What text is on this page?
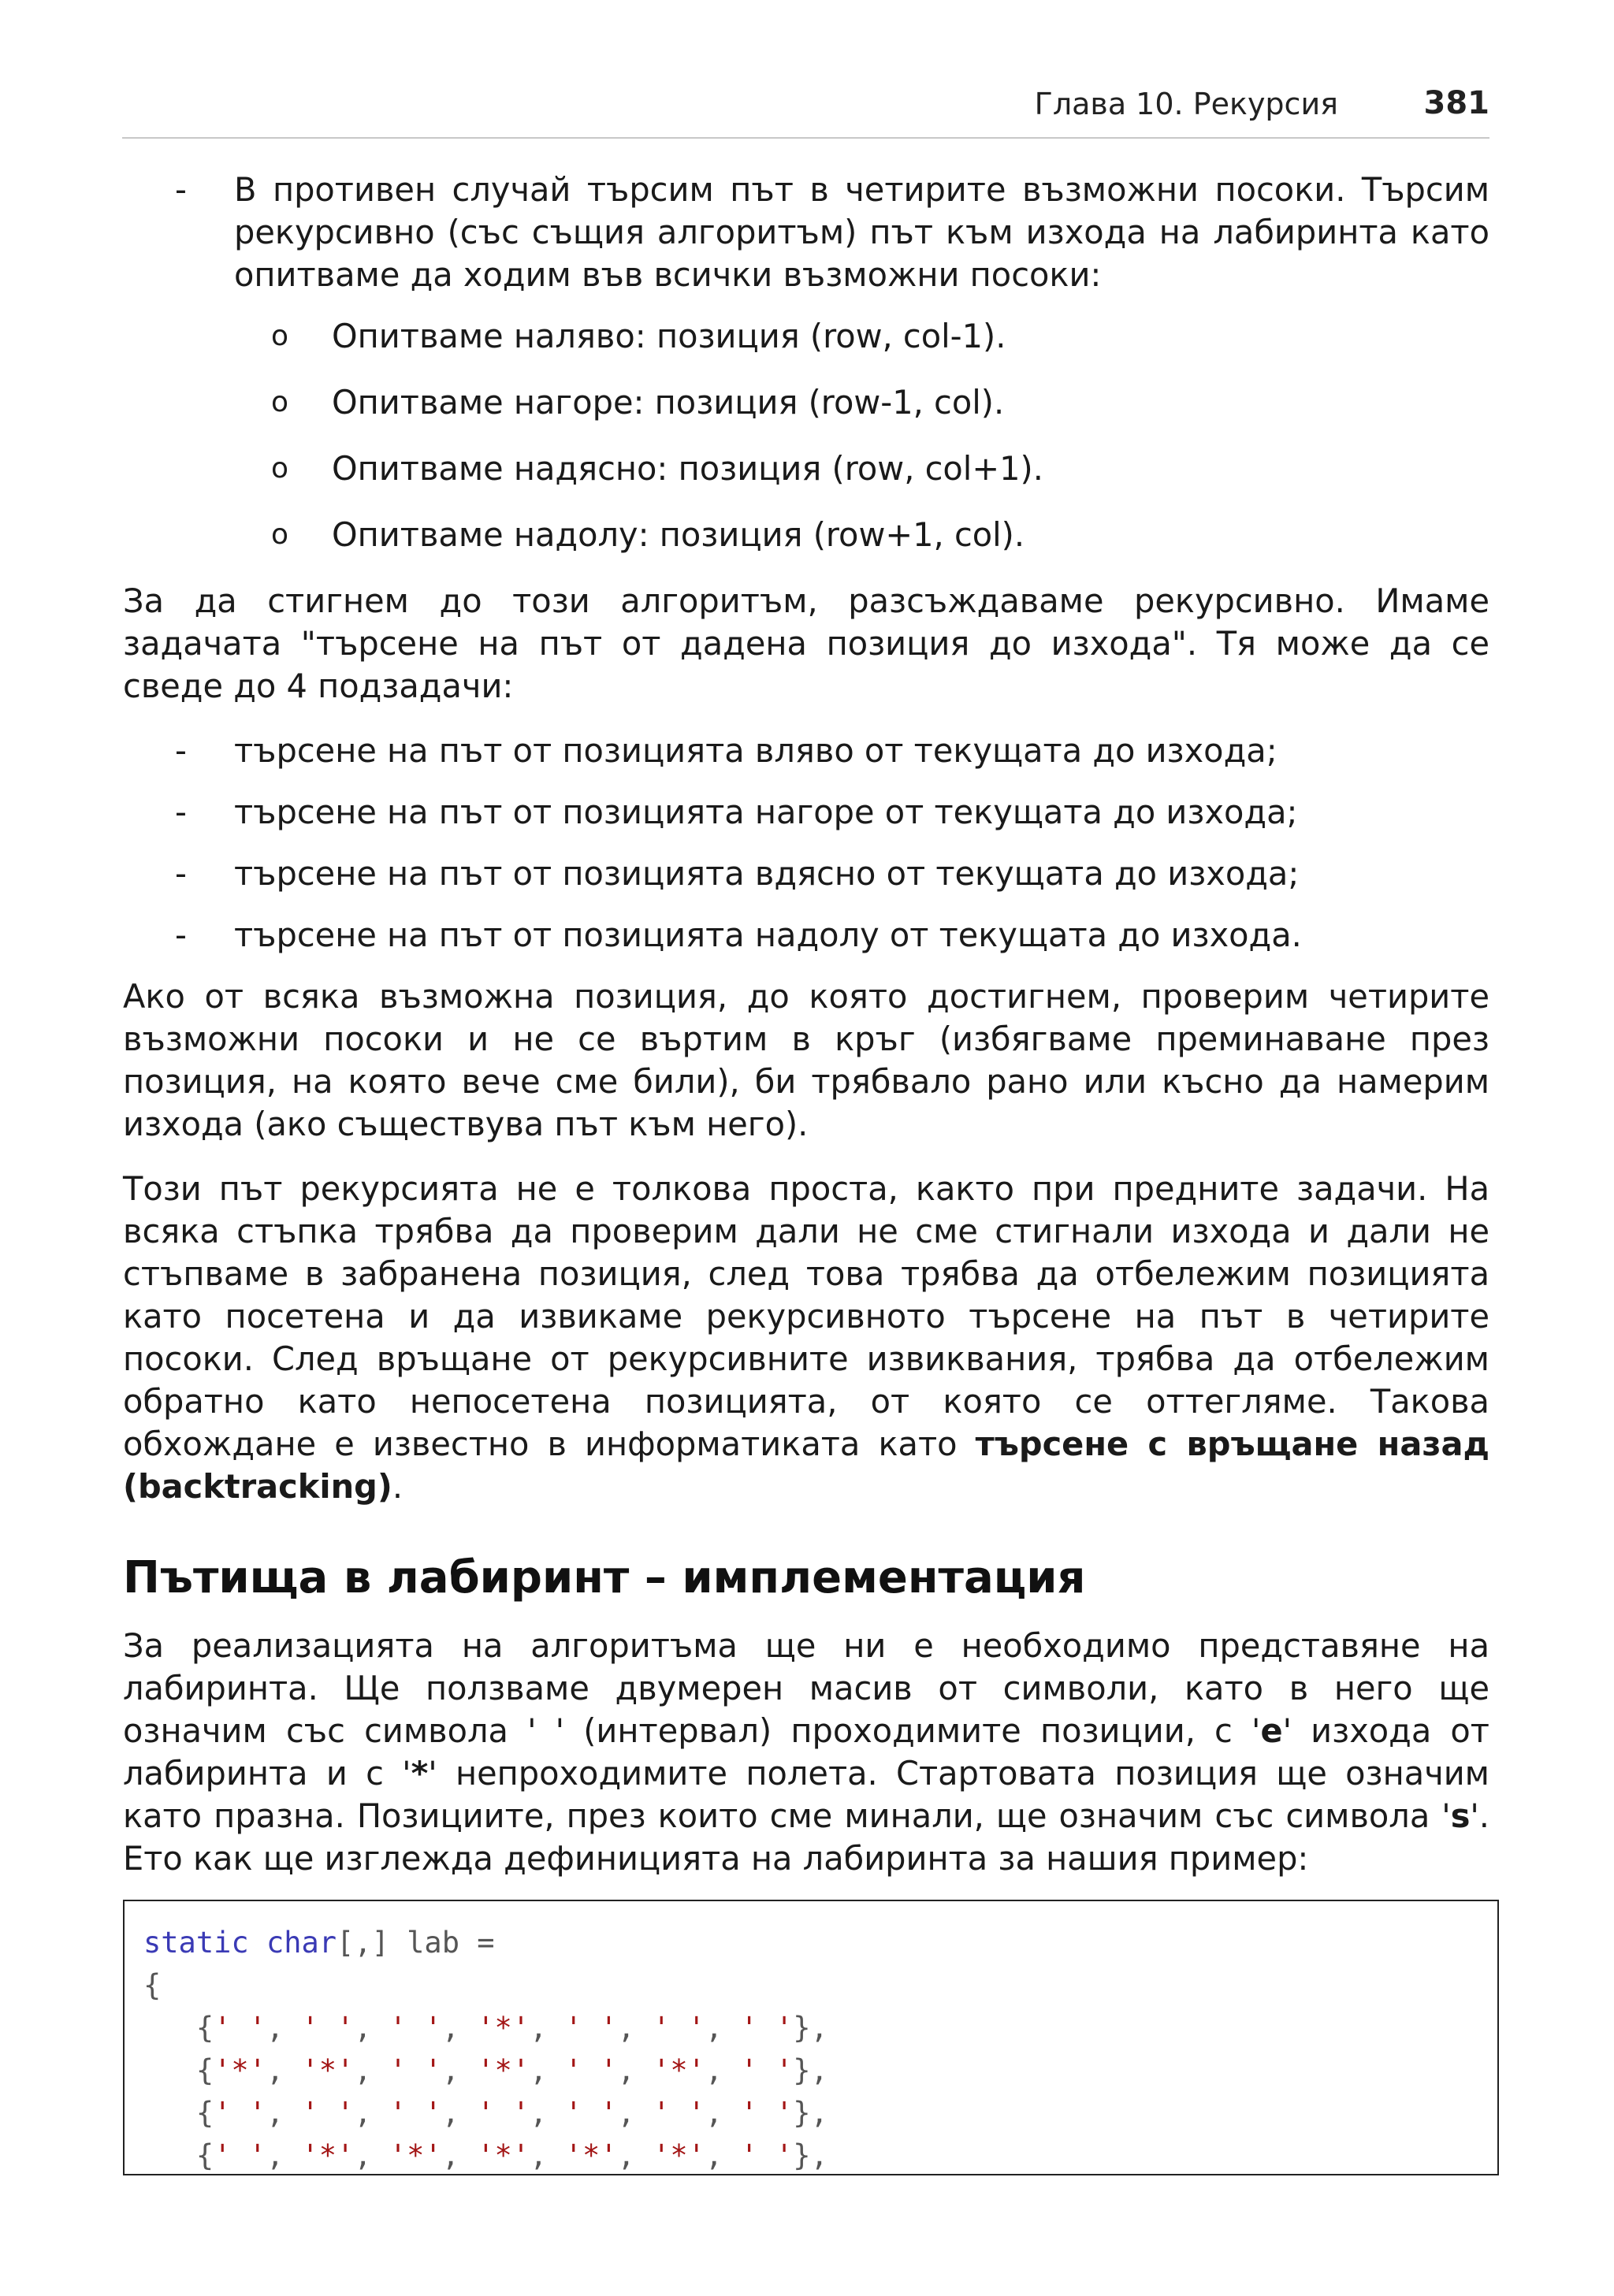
Глава 10. Рекурсия	381
- В противен случай търсим път в четирите възможни посоки. Търсим рекурсивно (със същия алгоритъм) път към изхода на лабиринта като опитваме да ходим във всички възможни посоки:
o Опитваме наляво: позиция (row, col-1).
o Опитваме нагоре: позиция (row-1, col).
o Опитваме надясно: позиция (row, col+1).
o Опитваме надолу: позиция (row+1, col).

За да стигнем до този алгоритъм, разсъждаваме рекурсивно. Имаме задачата "търсене на път от дадена позиция до изхода". Тя може да се сведе до 4 подзадачи:

- търсене на път от позицията вляво от текущата до изхода;
- търсене на път от позицията нагоре от текущата до изхода;
- търсене на път от позицията вдясно от текущата до изхода;
- търсене на път от позицията надолу от текущата до изхода.

Ако от всяка възможна позиция, до която достигнем, проверим четирите възможни посоки и не се въртим в кръг (избягваме преминаване през позиция, на която вече сме били), би трябвало рано или късно да намерим изхода (ако съществува път към него).

Този път рекурсията не е толкова проста, както при предните задачи. На всяка стъпка трябва да проверим дали не сме стигнали изхода и дали не стъпваме в забранена позиция, след това трябва да отбележим позицията като посетена и да извикаме рекурсивното търсене на път в четирите посоки. След връщане от рекурсивните извиквания, трябва да отбележим обратно като непосетена позицията, от която се оттегляме. Такова обхождане е известно в информатиката като търсене с връщане назад (backtracking).

Пътища в лабиринт – имплементация

За реализацията на алгоритъма ще ни е необходимо представяне на лабиринта. Ще ползваме двумерен масив от символи, като в него ще означим със символа ' ' (интервал) проходимите позиции, с 'e' изхода от лабиринта и с '*' непроходимите полета. Стартовата позиция ще означим като празна. Позициите, през които сме минали, ще означим със символа 's'. Ето как ще изглежда дефиницията на лабиринта за нашия пример:

static char[,] lab =
{
{' ', ' ', ' ', '*', ' ', ' ', ' '},
{'*', '*', ' ', '*', ' ', '*', ' '},
{' ', ' ', ' ', ' ', ' ', ' ', ' '},
{' ', '*', '*', '*', '*', '*', ' '},
